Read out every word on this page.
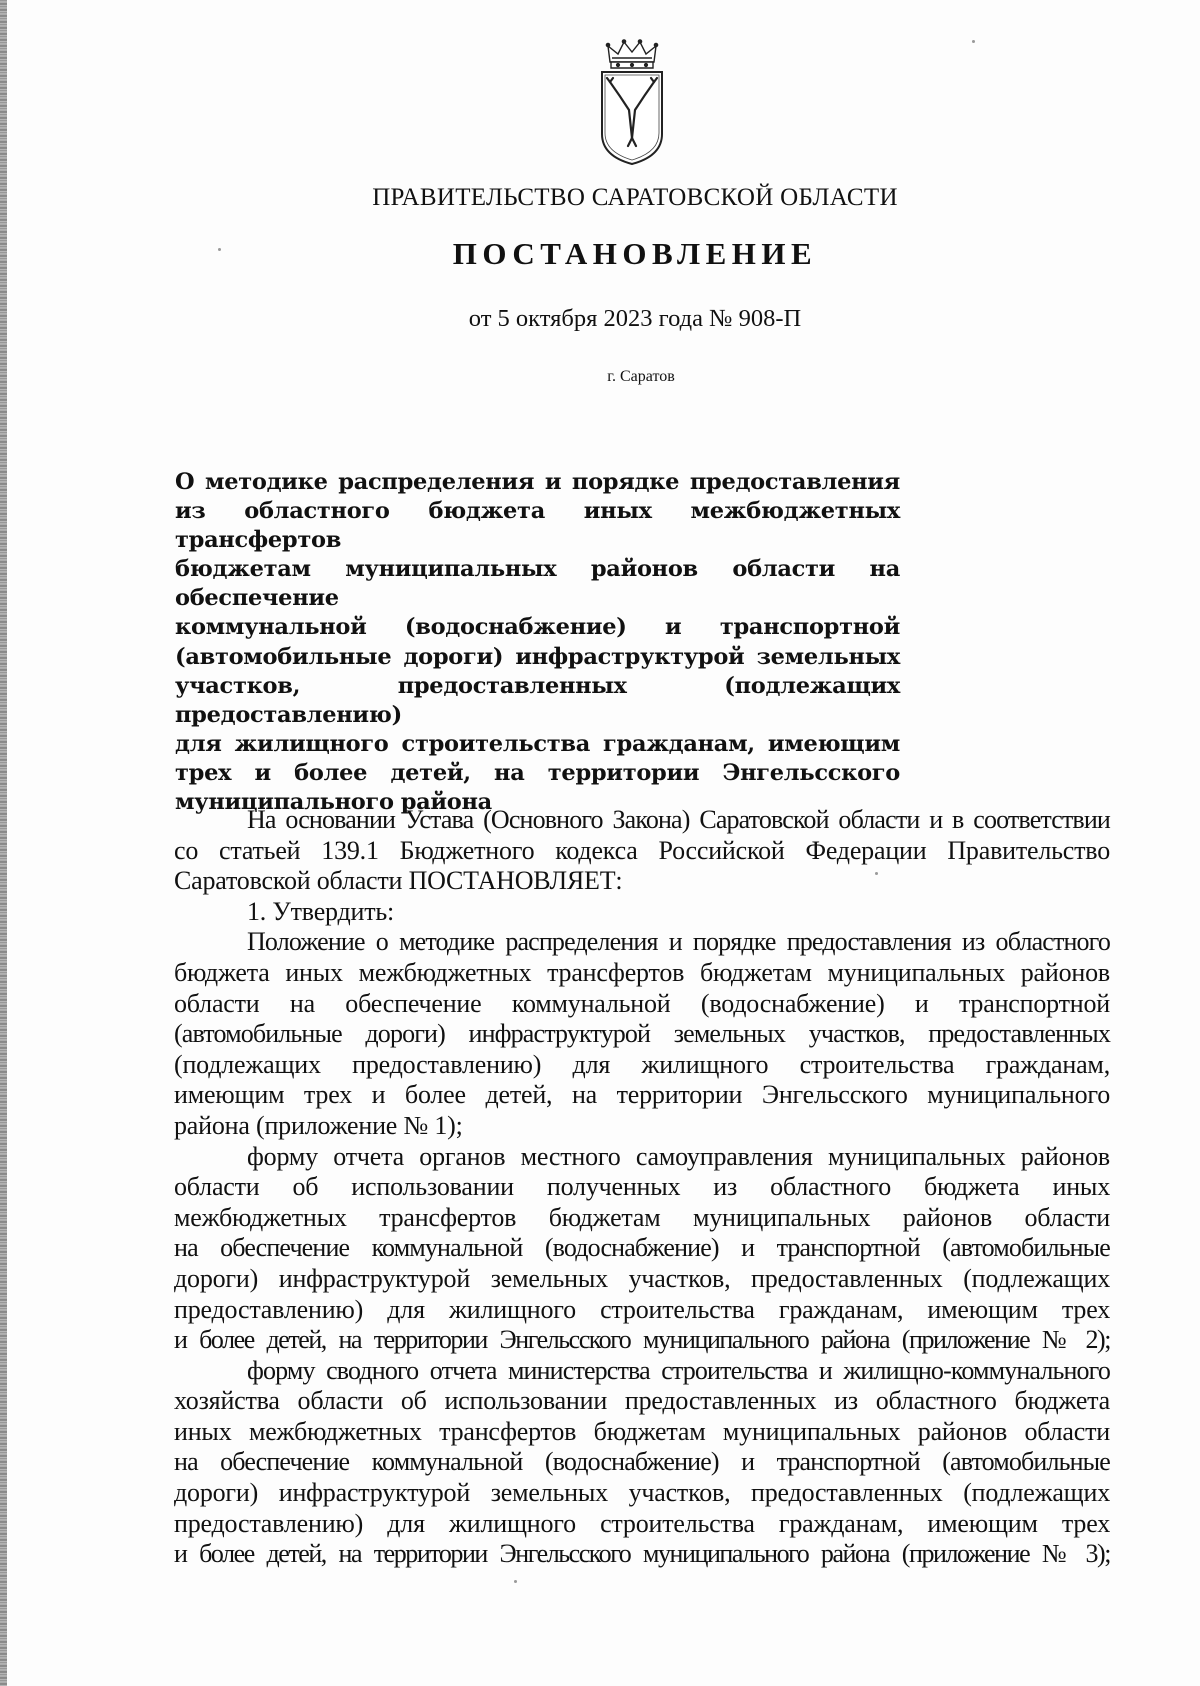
ПРАВИТЕЛЬСТВО САРАТОВСКОЙ ОБЛАСТИ
ПОСТАНОВЛЕНИЕ
от 5 октября 2023 года № 908-П
г. Саратов
О методике распределения и порядке предоставления
из областного бюджета иных межбюджетных трансфертов
бюджетам муниципальных районов области на обеспечение
коммунальной (водоснабжение) и транспортной
(автомобильные дороги) инфраструктурой земельных
участков, предоставленных (подлежащих предоставлению)
для жилищного строительства гражданам, имеющим
трех и более детей, на территории Энгельсского
муниципального района
На основании Устава (Основного Закона) Саратовской области и в соответствии
со статьей 139.1 Бюджетного кодекса Российской Федерации Правительство
Саратовской области ПОСТАНОВЛЯЕТ:
1. Утвердить:
Положение о методике распределения и порядке предоставления из областного
бюджета иных межбюджетных трансфертов бюджетам муниципальных районов
области на обеспечение коммунальной (водоснабжение) и транспортной
(автомобильные дороги) инфраструктурой земельных участков, предоставленных
(подлежащих предоставлению) для жилищного строительства гражданам,
имеющим трех и более детей, на территории Энгельсского муниципального
района (приложение № 1);
форму отчета органов местного самоуправления муниципальных районов
области об использовании полученных из областного бюджета иных
межбюджетных трансфертов бюджетам муниципальных районов области
на обеспечение коммунальной (водоснабжение) и транспортной (автомобильные
дороги) инфраструктурой земельных участков, предоставленных (подлежащих
предоставлению) для жилищного строительства гражданам, имеющим трех
и более детей, на территории Энгельсского муниципального района (приложение № 2);
форму сводного отчета министерства строительства и жилищно-коммунального
хозяйства области об использовании предоставленных из областного бюджета
иных межбюджетных трансфертов бюджетам муниципальных районов области
на обеспечение коммунальной (водоснабжение) и транспортной (автомобильные
дороги) инфраструктурой земельных участков, предоставленных (подлежащих
предоставлению) для жилищного строительства гражданам, имеющим трех
и более детей, на территории Энгельсского муниципального района (приложение № 3);
